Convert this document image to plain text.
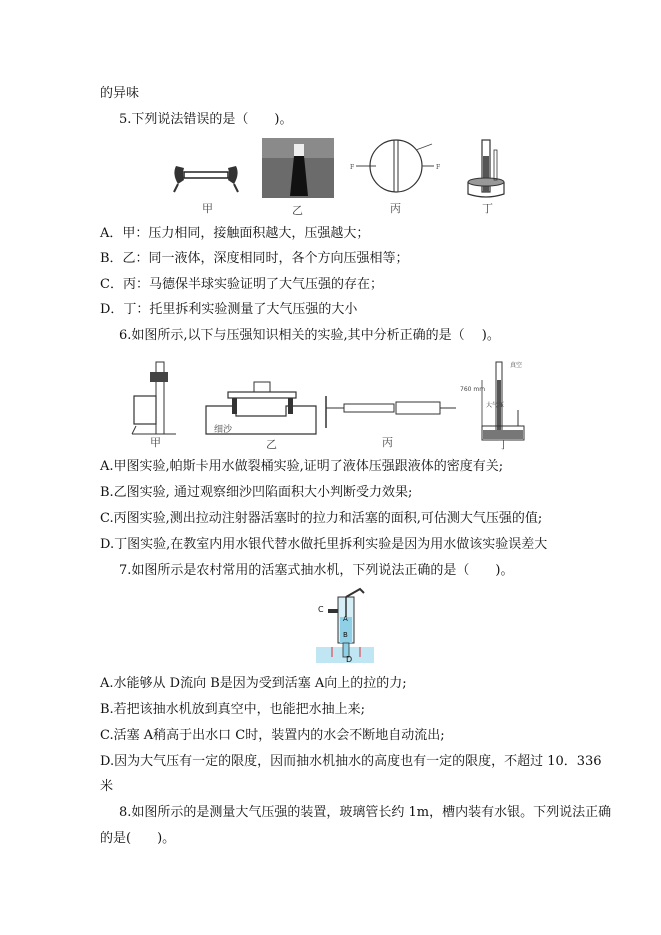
的异味
5.下列说法错误的是（　　)。
F	F
甲	乙	丙	丁
A．甲：压力相同，接触面积越大，压强越大；
B．乙：同一液体，深度相同时，各个方向压强相等；
C．丙：马德保半球实验证明了大气压强的存在；
D．丁：托里拆利实验测量了大气压强的大小
6.如图所示,以下与压强知识相关的实验,其中分析正确的是（　 )。
甲
细沙
乙	丙	丁
760 mm
真空
大气压
A.甲图实验,帕斯卡用水做裂桶实验,证明了液体压强跟液体的密度有关;
B.乙图实验, 通过观察细沙凹陷面积大小判断受力效果;
C.丙图实验,测出拉动注射器活塞时的拉力和活塞的面积,可估测大气压强的值;
D.丁图实验,在教室内用水银代替水做托里拆利实验是因为用水做该实验误差大
7.如图所示是农村常用的活塞式抽水机，下列说法正确的是（　　)。
C
A
B
D
A.水能够从 D流向 B是因为受到活塞 A向上的拉的力;
B.若把该抽水机放到真空中，也能把水抽上来;
C.活塞 A稍高于出水口 C时，装置内的水会不断地自动流出;
D.因为大气压有一定的限度，因而抽水机抽水的高度也有一定的限度，不超过 10．336
米
8.如图所示的是测量大气压强的装置，玻璃管长约 1m，槽内装有水银。下列说法正确
的是(　　)。
